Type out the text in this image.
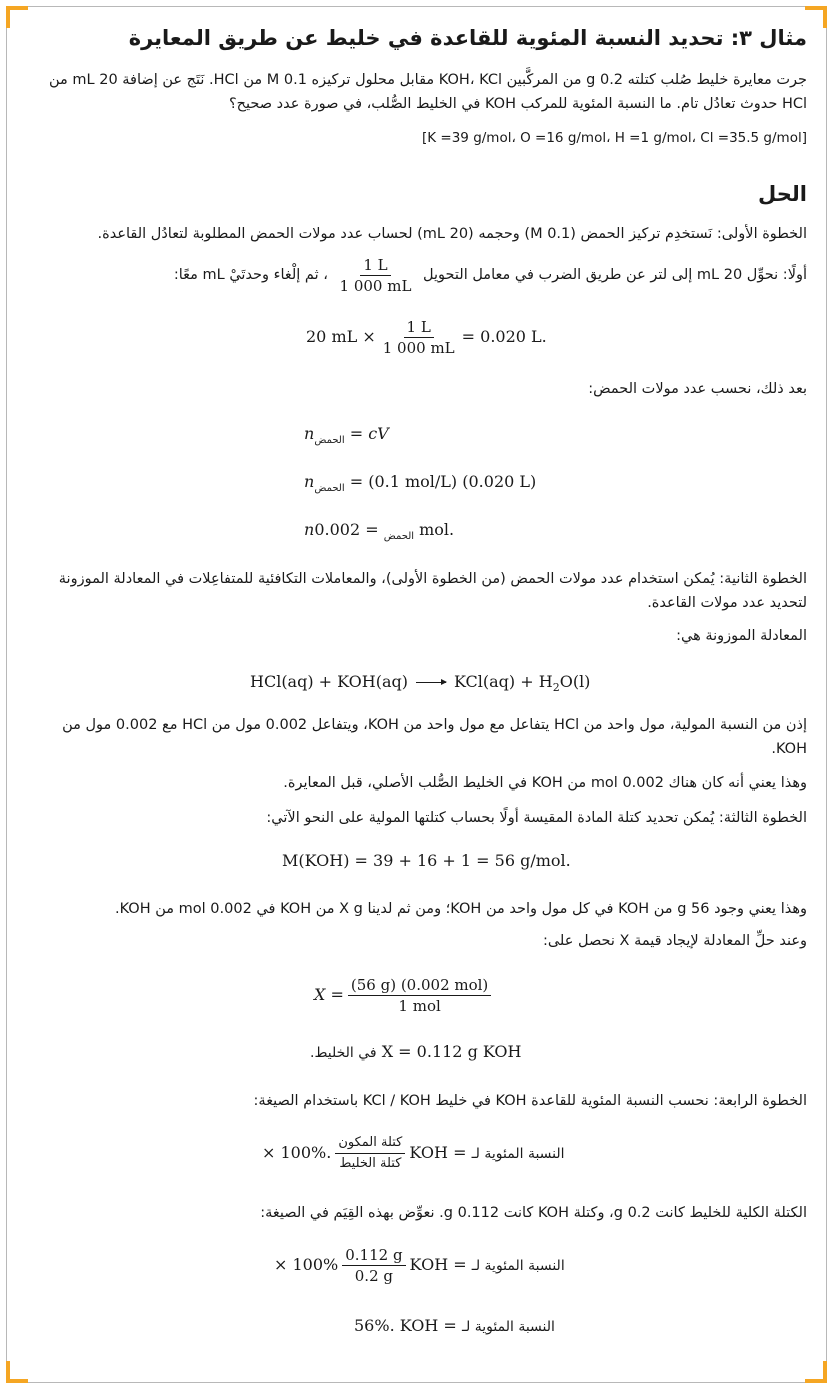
مثال ٣: تحديد النسبة المئوية للقاعدة في خليط عن طريق المعايرة
جرت معايرة خليط صُلب كتلته 0.2 g من المركَّبين KOH، KCl مقابل محلول تركيزه 0.1 M من HCl. نَتَج عن إضافة 20 mL من HCl حدوث تعادُل تام. ما النسبة المئوية للمركب KOH في الخليط الصُّلب، في صورة عدد صحيح؟
[K =39 g/mol، O =16 g/mol، H =1 g/mol، Cl =35.5 g/mol]
الحل
الخطوة الأولى: نَستخدِم تركيز الحمض (0.1 M) وحجمه (20 mL) لحساب عدد مولات الحمض المطلوبة لتعادُل القاعدة.
أولًا: نحوِّل 20 mL إلى لتر عن طريق الضرب في معامل التحويل
$\frac{1 L}{1 000 mL}$
، ثم إلْغاء وحدتَيْ mL معًا:
20 mL × $\frac{1 L}{1 000 mL} = 0.020$ L.
بعد ذلك، نحسب عدد مولات الحمض:
$n_{الحمض}$ = cV
$n_{الحمض} = (0.1$ mol/L) (0.020 L)
n	$_{الحمض}$ = 0.002 mol.
الخطوة الثانية: يُمكن استخدام عدد مولات الحمض (من الخطوة الأولى)، والمعاملات التكافئية للمتفاعِلات في المعادلة الموزونة لتحديد عدد مولات القاعدة.
المعادلة الموزونة هي:
$HCl(aq) + KOH(aq) \to KCl(aq) + H_2O(l)$
إذن من النسبة المولية، مول واحد من HCl يتفاعل مع مول واحد من KOH، ويتفاعل 0.002 مول من HCl مع 0.002 مول من KOH.
وهذا يعني أنه كان هناك 0.002 mol من KOH في الخليط الصُّلب الأصلي، قبل المعايرة.
الخطوة الثالثة: يُمكن تحديد كتلة المادة المقيسة أولًا بحساب كتلتها المولية على النحو الآتي:
M(KOH) = 39 + 16 + 1 = 56 g/mol.
وهذا يعني وجود 56 g من KOH في كل مول واحد من KOH؛ ومن ثم لدينا X g من KOH في 0.002 mol من KOH.
وعند حلِّ المعادلة لإيجاد قيمة X نحصل على:
$X = \frac{\text{(56 g) (0.002 mol)}}{\text{1 mol}}$
في الخليط. X = 0.112 g KOH
الخطوة الرابعة: نحسب النسبة المئوية للقاعدة KOH في خليط KCl / KOH باستخدام الصيغة:
× 100%. $\frac{\text{كتلة المكون}}{\text{كتلة الخليط}}$ KOH = النسبة المئوية لـ
الكتلة الكلية للخليط كانت 0.2 g، وكتلة KOH كانت 0.112 g. نعوِّض بهذه القِيَم في الصيغة:
× $100\% \frac{0.112 g}{0.2 g}$ KOH = النسبة المئوية لـ
56%. KOH = النسبة المئوية لـ
